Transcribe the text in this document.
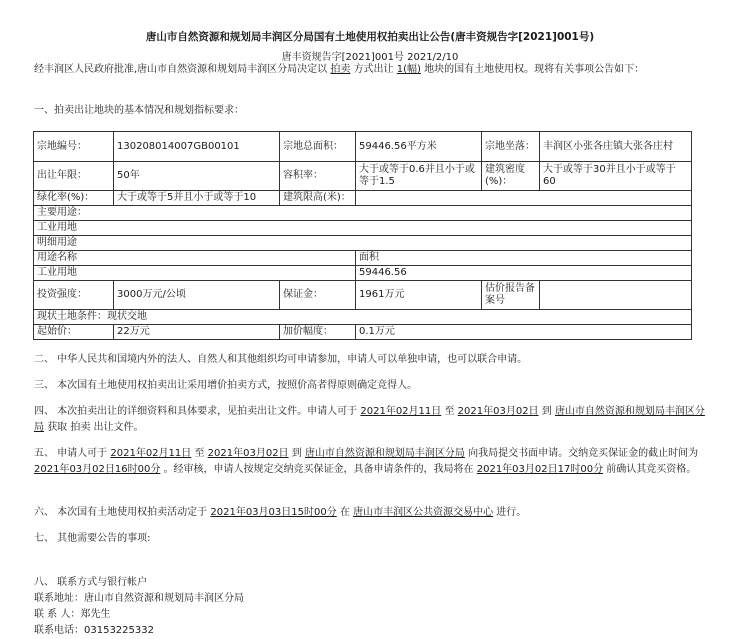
唐山市自然资源和规划局丰润区分局国有土地使用权拍卖出让公告(唐丰资规告字[2021]001号)
唐丰资规告字[2021]001号 2021/2/10
经丰润区人民政府批准,唐山市自然资源和规划局丰润区分局决定以 拍卖 方式出让 1(幅) 地块的国有土地使用权。现将有关事项公告如下：
一、拍卖出让地块的基本情况和规划指标要求：
宗地编号：	130208014007GB00101	宗地总面积：	59446.56平方米	宗地坐落：	丰润区小张各庄镇大张各庄村
出让年限：	50年	容积率：	大于或等于0.6并且小于或等于1.5	建筑密度(%)：	大于或等于30并且小于或等于60
绿化率(%)：	大于或等于5并且小于或等于10	建筑限高(米)：			
主要用途：					
工业用地					
明细用途					
用途名称			面积		
工业用地			59446.56		
投资强度：	3000万元/公顷	保证金：	1961万元	估价报告备案号	
现状土地条件：现状交地					
起始价：	22万元	加价幅度：	0.1万元		
二、 中华人民共和国境内外的法人、自然人和其他组织均可申请参加，申请人可以单独申请，也可以联合申请。
三、 本次国有土地使用权拍卖出让采用增价拍卖方式，按照价高者得原则确定竞得人。
四、 本次拍卖出让的详细资料和具体要求，见拍卖出让文件。申请人可于 2021年02月11日 至 2021年03月02日 到 唐山市自然资源和规划局丰润区分局 获取 拍卖 出让文件。
五、 申请人可于 2021年02月11日 至 2021年03月02日 到 唐山市自然资源和规划局丰润区分局 向我局提交书面申请。交纳竞买保证金的截止时间为 2021年03月02日16时00分 。经审核，申请人按规定交纳竞买保证金，具备申请条件的，我局将在 2021年03月02日17时00分 前确认其竞买资格。
六、 本次国有土地使用权拍卖活动定于 2021年03月03日15时00分 在 唐山市丰润区公共资源交易中心 进行。
七、 其他需要公告的事项:
八、 联系方式与银行帐户
联系地址：唐山市自然资源和规划局丰润区分局
联 系 人：郑先生
联系电话：03153225332
